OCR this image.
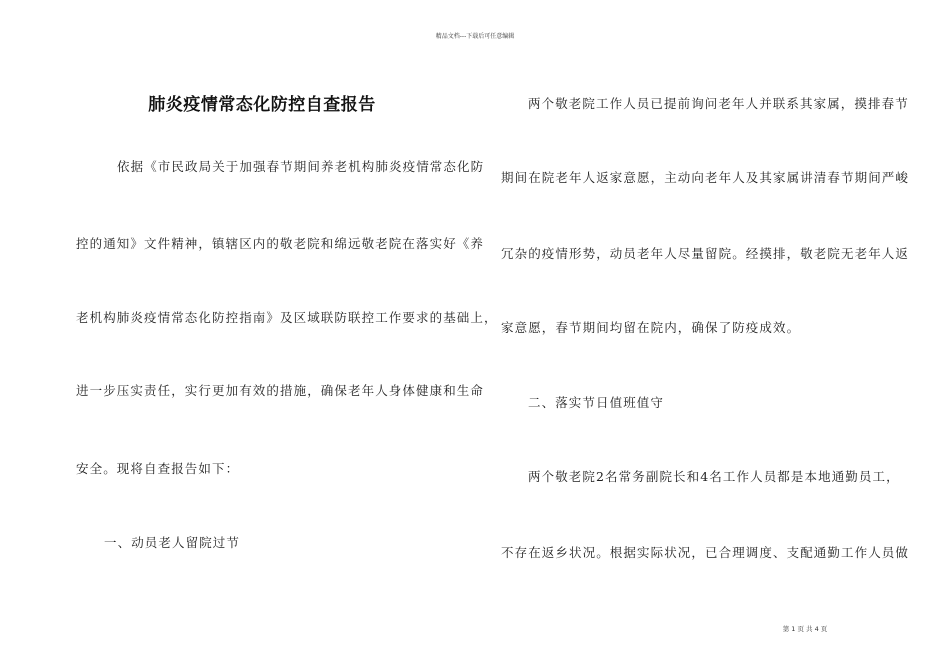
精品文档---下载后可任意编辑
肺炎疫情常态化防控自查报告
依据《市民政局关于加强春节期间养老机构肺炎疫情常态化防
控的通知》文件精神，镇辖区内的敬老院和绵远敬老院在落实好《养
老机构肺炎疫情常态化防控指南》及区域联防联控工作要求的基础上，
进一步压实责任，实行更加有效的措施，确保老年人身体健康和生命
安全。现将自查报告如下：
一、动员老人留院过节
两个敬老院工作人员已提前询问老年人并联系其家属，摸排春节
期间在院老年人返家意愿，主动向老年人及其家属讲清春节期间严峻
冗杂的疫情形势，动员老年人尽量留院。经摸排，敬老院无老年人返
家意愿，春节期间均留在院内，确保了防疫成效。
二、落实节日值班值守
两个敬老院2名常务副院长和4名工作人员都是本地通勤员工，
不存在返乡状况。根据实际状况，已合理调度、支配通勤工作人员做
第 1 页 共 4 页
